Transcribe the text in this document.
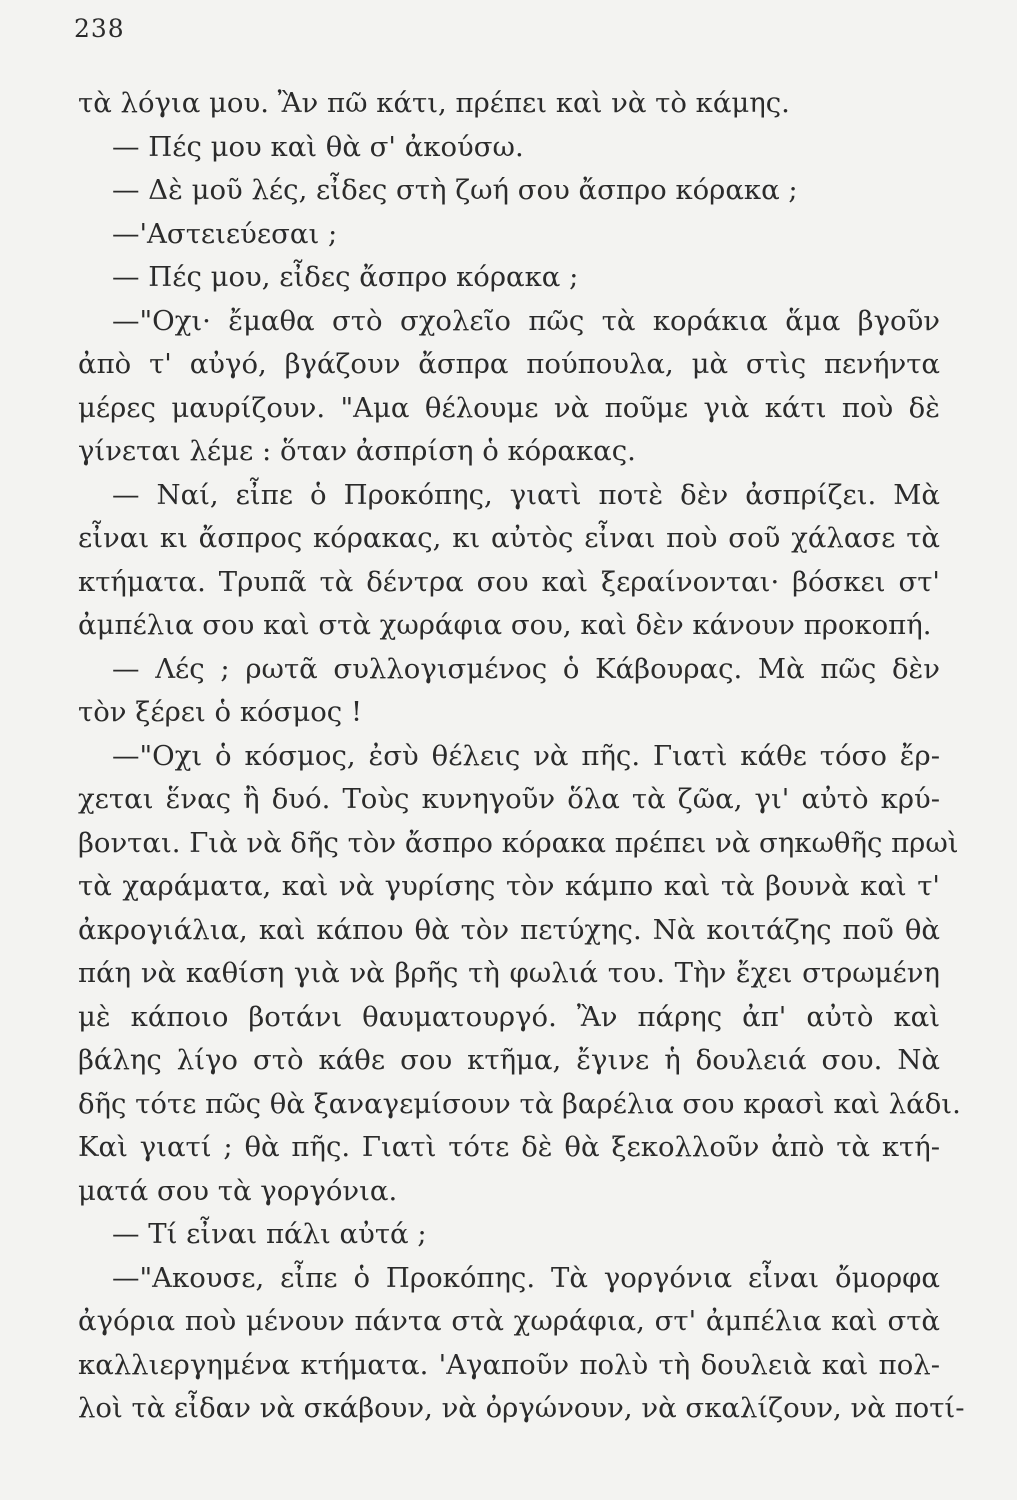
238
τὰ λόγια μου. Ἂν πῶ κάτι, πρέπει καὶ νὰ τὸ κάμης.
— Πές μου καὶ θὰ σ' ἀκούσω.
— Δὲ μοῦ λές, εἶδες στὴ ζωή σου ἄσπρο κόρακα ;
—'Αστειεύεσαι ;
— Πές μου, εἶδες ἄσπρο κόρακα ;
—"Οχι· ἔμαθα στὸ σχολεῖο πῶς τὰ κοράκια ἅμα βγοῦν
ἀπὸ τ' αὐγό, βγάζουν ἄσπρα πούπουλα, μὰ στὶς πενήντα
μέρες μαυρίζουν. "Αμα θέλουμε νὰ ποῦμε γιὰ κάτι ποὺ δὲ
γίνεται λέμε : ὅταν ἀσπρίση ὁ κόρακας.
— Ναί, εἶπε ὁ Προκόπης, γιατὶ ποτὲ δὲν ἀσπρίζει. Μὰ
εἶναι κι ἄσπρος κόρακας, κι αὐτὸς εἶναι ποὺ σοῦ χάλασε τὰ
κτήματα. Τρυπᾶ τὰ δέντρα σου καὶ ξεραίνονται· βόσκει στ'
ἀμπέλια σου καὶ στὰ χωράφια σου, καὶ δὲν κάνουν προκοπή.
— Λές ; ρωτᾶ συλλογισμένος ὁ Κάβουρας. Μὰ πῶς δὲν
τὸν ξέρει ὁ κόσμος !
—"Οχι ὁ κόσμος, ἐσὺ θέλεις νὰ πῆς. Γιατὶ κάθε τόσο ἔρ-
χεται ἕνας ἢ δυό. Τοὺς κυνηγοῦν ὅλα τὰ ζῶα, γι' αὐτὸ κρύ-
βονται. Γιὰ νὰ δῆς τὸν ἄσπρο κόρακα πρέπει νὰ σηκωθῆς πρωὶ
τὰ χαράματα, καὶ νὰ γυρίσης τὸν κάμπο καὶ τὰ βουνὰ καὶ τ'
ἀκρογιάλια, καὶ κάπου θὰ τὸν πετύχης. Νὰ κοιτάζης ποῦ θὰ
πάη νὰ καθίση γιὰ νὰ βρῆς τὴ φωλιά του. Τὴν ἔχει στρωμένη
μὲ κάποιο βοτάνι θαυματουργό. Ἂν πάρης ἀπ' αὐτὸ καὶ
βάλης λίγο στὸ κάθε σου κτῆμα, ἔγινε ἡ δουλειά σου. Νὰ
δῆς τότε πῶς θὰ ξαναγεμίσουν τὰ βαρέλια σου κρασὶ καὶ λάδι.
Καὶ γιατί ; θὰ πῆς. Γιατὶ τότε δὲ θὰ ξεκολλοῦν ἀπὸ τὰ κτή-
ματά σου τὰ γοργόνια.
— Τί εἶναι πάλι αὐτά ;
—"Ακουσε, εἶπε ὁ Προκόπης. Τὰ γοργόνια εἶναι ὄμορφα
ἀγόρια ποὺ μένουν πάντα στὰ χωράφια, στ' ἀμπέλια καὶ στὰ
καλλιεργημένα κτήματα. 'Αγαποῦν πολὺ τὴ δουλειὰ καὶ πολ-
λοὶ τὰ εἶδαν νὰ σκάβουν, νὰ ὀργώνουν, νὰ σκαλίζουν, νὰ ποτί-
